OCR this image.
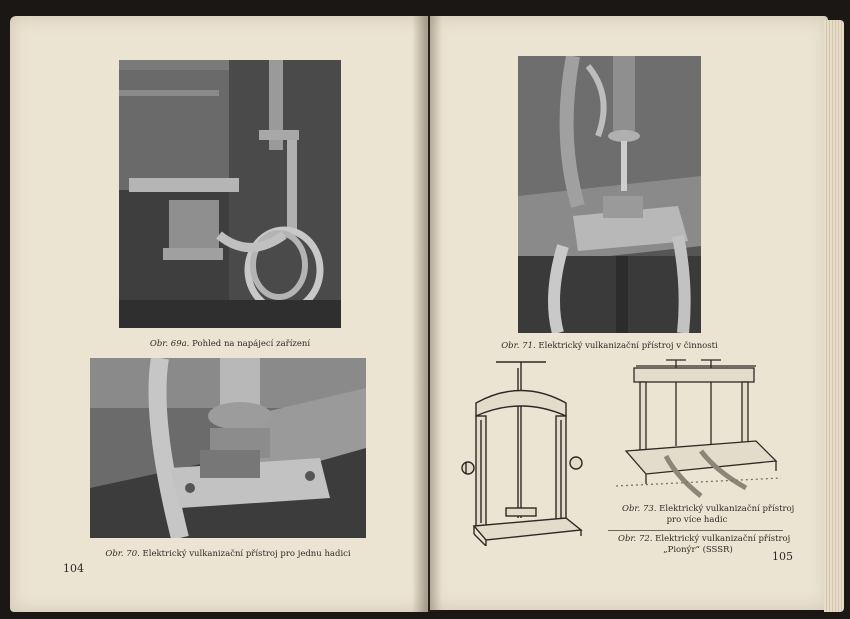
Obr. 69a. Pohled na napájecí zařízení
Obr. 70. Elektrický vulkanizační přístroj pro jednu hadici
104
Obr. 71. Elektrický vulkanizační přístroj v činnosti
Obr. 73. Elektrický vulkanizační přístroj
pro více hadic
Obr. 72. Elektrický vulkanizační přístroj
„Pionýr“ (SSSR)	105
